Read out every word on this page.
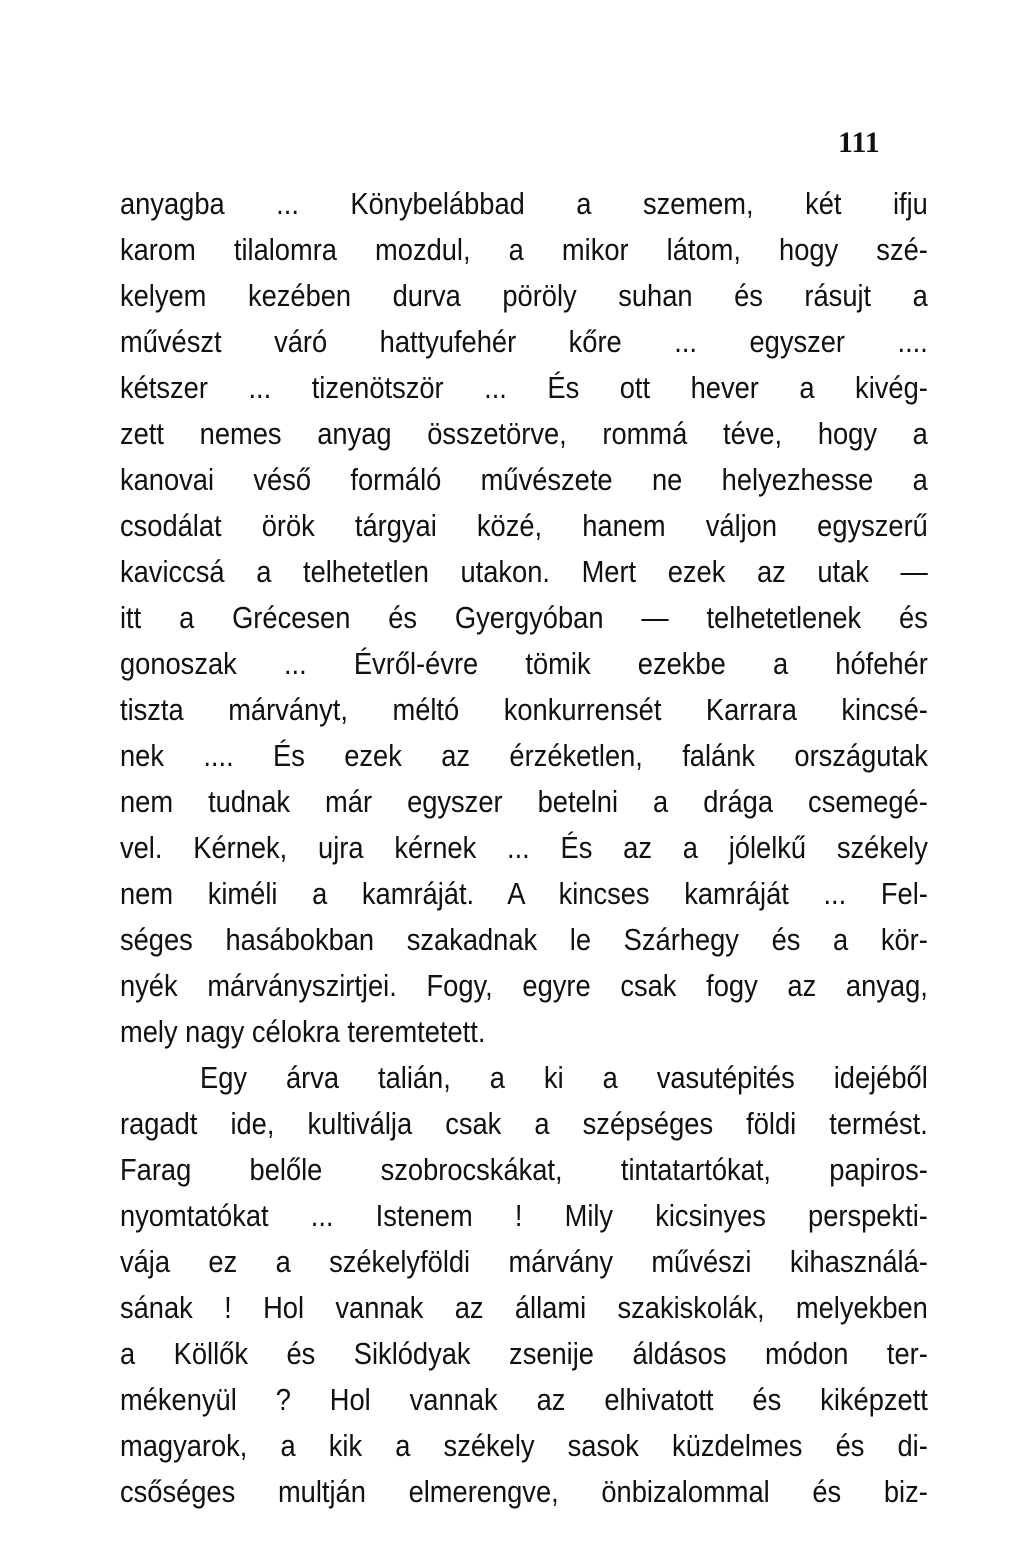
111
anyagba ... Könybelábbad a szemem, két ifju
karom tilalomra mozdul, a mikor látom, hogy szé-
kelyem kezében durva pöröly suhan és rásujt a
művészt váró hattyufehér kőre ... egyszer ....
kétszer ... tizenötször ... És ott hever a kivég-
zett nemes anyag összetörve, rommá téve, hogy a
kanovai véső formáló művészete ne helyezhesse a
csodálat örök tárgyai közé, hanem váljon egyszerű
kaviccsá a telhetetlen utakon. Mert ezek az utak —
itt a Grécesen és Gyergyóban — telhetetlenek és
gonoszak ... Évről-évre tömik ezekbe a hófehér
tiszta márványt, méltó konkurrensét Karrara kincsé-
nek .... És ezek az érzéketlen, falánk országutak
nem tudnak már egyszer betelni a drága csemegé-
vel. Kérnek, ujra kérnek ... És az a jólelkű székely
nem kiméli a kamráját. A kincses kamráját ... Fel-
séges hasábokban szakadnak le Szárhegy és a kör-
nyék márványszirtjei. Fogy, egyre csak fogy az anyag,
mely nagy célokra teremtetett.
Egy árva talián, a ki a vasutépités idejéből
ragadt ide, kultiválja csak a szépséges földi termést.
Farag belőle szobrocskákat, tintatartókat, papiros-
nyomtatókat ... Istenem ! Mily kicsinyes perspekti-
vája ez a székelyföldi márvány művészi kihasználá-
sának ! Hol vannak az állami szakiskolák, melyekben
a Köllők és Siklódyak zsenije áldásos módon ter-
mékenyül ? Hol vannak az elhivatott és kiképzett
magyarok, a kik a székely sasok küzdelmes és di-
csőséges multján elmerengve, önbizalommal és biz-
